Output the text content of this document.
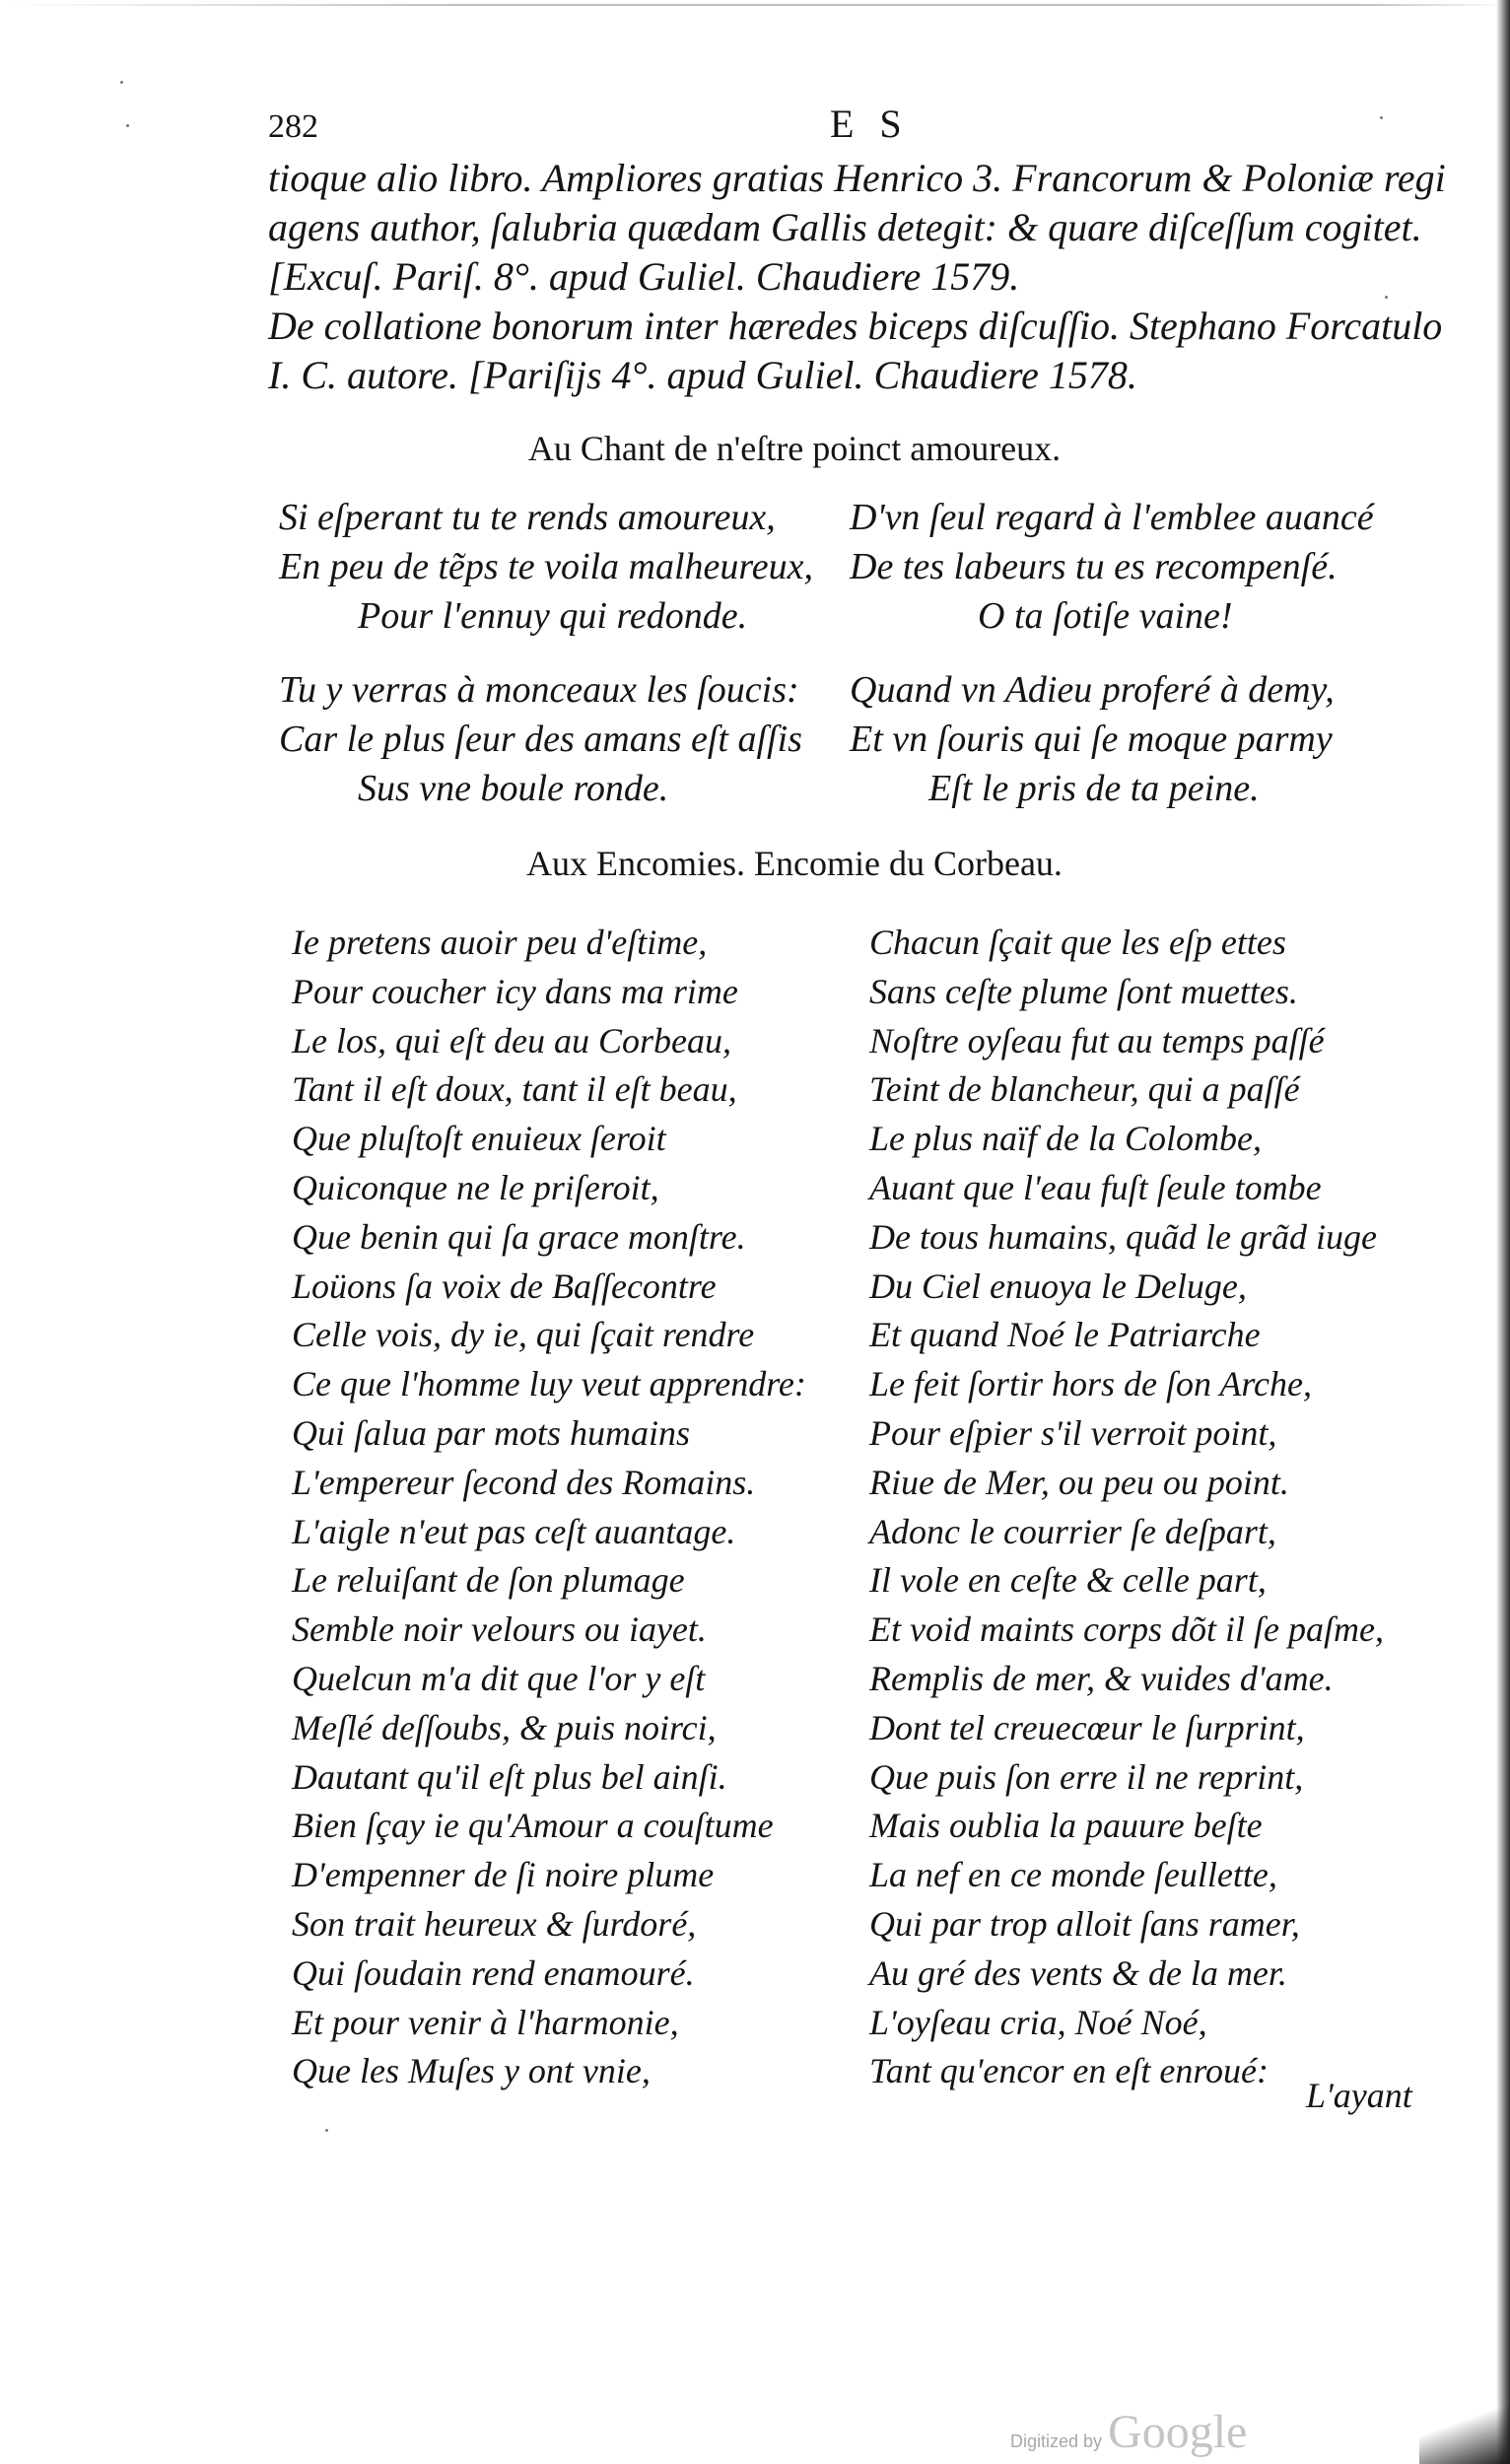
282	ES
tioque alio libro. Ampliores gratias Henrico 3. Francorum & Poloniæ regi
agens author, ſalubria quædam Gallis detegit: & quare diſceſſum cogitet.
[Excuſ. Pariſ. 8°. apud Guliel. Chaudiere 1579.
De collatione bonorum inter hæredes biceps diſcuſſio. Stephano Forcatulo
I. C. autore. [Pariſijs 4°. apud Guliel. Chaudiere 1578.
Au Chant de n'eſtre poinct amoureux.
Si eſperant tu te rends amoureux,
En peu de tẽps te voila malheureux,
Pour l'ennuy qui redonde.
D'vn ſeul regard à l'emblee auancé
De tes labeurs tu es recompenſé.
O ta ſotiſe vaine!
Tu y verras à monceaux les ſoucis:
Car le plus ſeur des amans eſt aſſis
Sus vne boule ronde.
Quand vn Adieu proferé à demy,
Et vn ſouris qui ſe moque parmy
Eſt le pris de ta peine.
Aux Encomies. Encomie du Corbeau.
Ie pretens auoir peu d'eſtime,
Pour coucher icy dans ma rime
Le los, qui eſt deu au Corbeau,
Tant il eſt doux, tant il eſt beau,
Que pluſtoſt enuieux ſeroit
Quiconque ne le priſeroit,
Que benin qui ſa grace monſtre.
Loüons ſa voix de Baſſecontre
Celle vois, dy ie, qui ſçait rendre
Ce que l'homme luy veut apprendre:
Qui ſalua par mots humains
L'empereur ſecond des Romains.
L'aigle n'eut pas ceſt auantage.
Le reluiſant de ſon plumage
Semble noir velours ou iayet.
Quelcun m'a dit que l'or y eſt
Meſlé deſſoubs, & puis noirci,
Dautant qu'il eſt plus bel ainſi.
Bien ſçay ie qu'Amour a couſtume
D'empenner de ſi noire plume
Son trait heureux & ſurdoré,
Qui ſoudain rend enamouré.
Et pour venir à l'harmonie,
Que les Muſes y ont vnie,
Chacun ſçait que les eſp ettes
Sans ceſte plume ſont muettes.
Noſtre oyſeau fut au temps paſſé
Teint de blancheur, qui a paſſé
Le plus naïf de la Colombe,
Auant que l'eau fuſt ſeule tombe
De tous humains, quãd le grãd iuge
Du Ciel enuoya le Deluge,
Et quand Noé le Patriarche
Le feit ſortir hors de ſon Arche,
Pour eſpier s'il verroit point,
Riue de Mer, ou peu ou point.
Adonc le courrier ſe deſpart,
Il vole en ceſte & celle part,
Et void maints corps dõt il ſe paſme,
Remplis de mer, & vuides d'ame.
Dont tel creuecœur le ſurprint,
Que puis ſon erre il ne reprint,
Mais oublia la pauure beſte
La nef en ce monde ſeullette,
Qui par trop alloit ſans ramer,
Au gré des vents & de la mer.
L'oyſeau cria, Noé Noé,
Tant qu'encor en eſt enroué:
L'ayant
Digitized by Google
